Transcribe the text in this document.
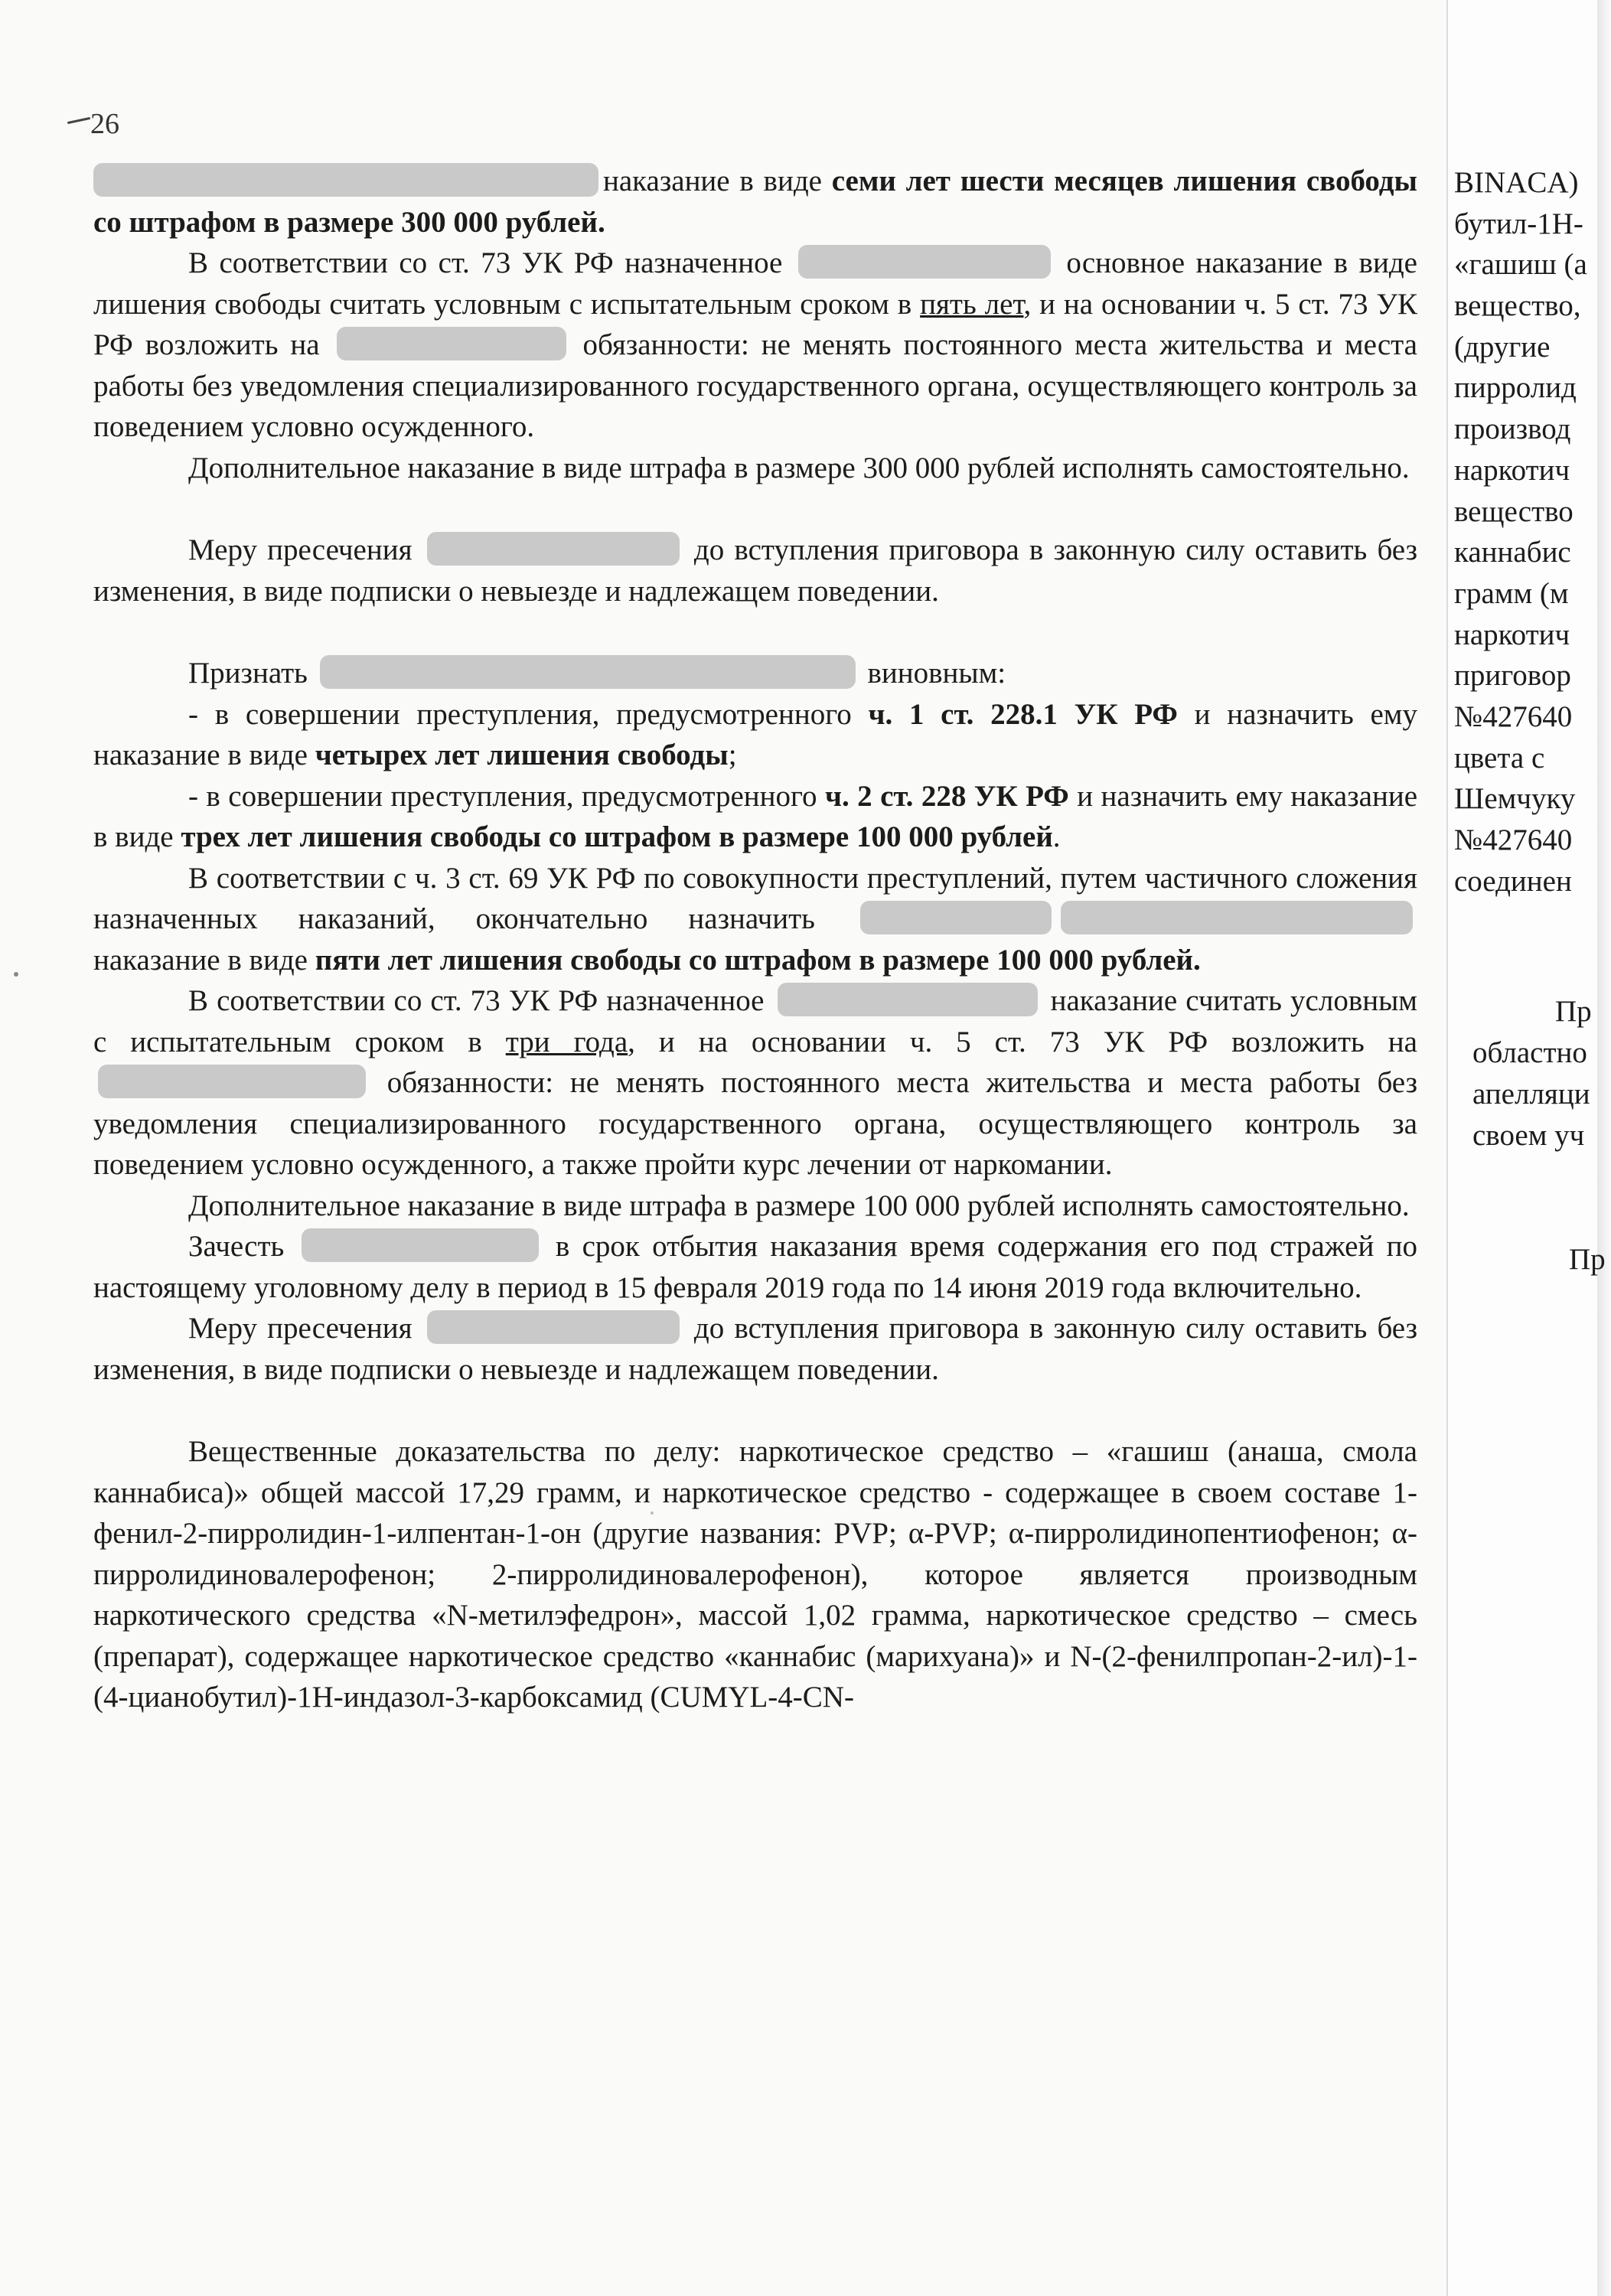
26

наказание в виде семи лет шести месяцев лишения свободы со штрафом в размере 300 000 рублей.

В соответствии со ст. 73 УК РФ назначенное	основное наказание в виде лишения свободы считать условным с испытательным сроком в пять лет, и на основании ч. 5 ст. 73 УК РФ возложить на	обязанности: не менять постоянного места жительства и места работы без уведомления специализированного государственного органа, осуществляющего контроль за поведением условно осужденного.

Дополнительное наказание в виде штрафа в размере 300 000 рублей исполнять самостоятельно.

Меру пресечения	до вступления приговора в законную силу оставить без изменения, в виде подписки о невыезде и надлежащем поведении.

Признать	виновным:

- в совершении преступления, предусмотренного ч. 1 ст. 228.1 УК РФ и назначить ему наказание в виде четырех лет лишения свободы;

- в совершении преступления, предусмотренного ч. 2 ст. 228 УК РФ и назначить ему наказание в виде трех лет лишения свободы со штрафом в размере 100 000 рублей.

В соответствии с ч. 3 ст. 69 УК РФ по совокупности преступлений, путем частичного сложения назначенных наказаний, окончательно назначить  наказание в виде пяти лет лишения свободы со штрафом в размере 100 000 рублей.

В соответствии со ст. 73 УК РФ назначенное	наказание считать условным с испытательным сроком в три года, и на основании ч. 5 ст. 73 УК РФ возложить на  обязанности: не менять постоянного места жительства и места работы без уведомления специализированного государственного органа, осуществляющего контроль за поведением условно осужденного, а также пройти курс лечении от наркомании.

Дополнительное наказание в виде штрафа в размере 100 000 рублей исполнять самостоятельно.

Зачесть	в срок отбытия наказания время содержания его под стражей по настоящему уголовному делу в период в 15 февраля 2019 года по 14 июня 2019 года включительно.

Меру пресечения	до вступления приговора в законную силу оставить без изменения, в виде подписки о невыезде и надлежащем поведении.

Вещественные доказательства по делу: наркотическое средство – «гашиш (анаша, смола каннабиса)» общей массой 17,29 грамм, и наркотическое средство - содержащее в своем составе 1-фенил-2-пирролидин-1-илпентан-1-он (другие названия: PVP; α-PVP; α-пирролидинопентиофенон; α-пирролидиновалерофенон; 2-пирролидиновалерофенон), которое является производным наркотического средства «N-метилэфедрон», массой 1,02 грамма, наркотическое средство – смесь (препарат), содержащее наркотическое средство «каннабис (марихуана)» и N-(2-фенилпропан-2-ил)-1-(4-цианобутил)-1Н-индазол-3-карбоксамид (CUMYL-4-CN-

BINACA)
бутил-1Н-
«гашиш (а
вещество,
(другие
пирролид
производ
наркотич
вещество
каннабис
грамм (м
наркотич
приговор
№427640
цвета с
Шемчуку
№427640
соединен
Пр
областно
апелляци
своем уч
Пр
